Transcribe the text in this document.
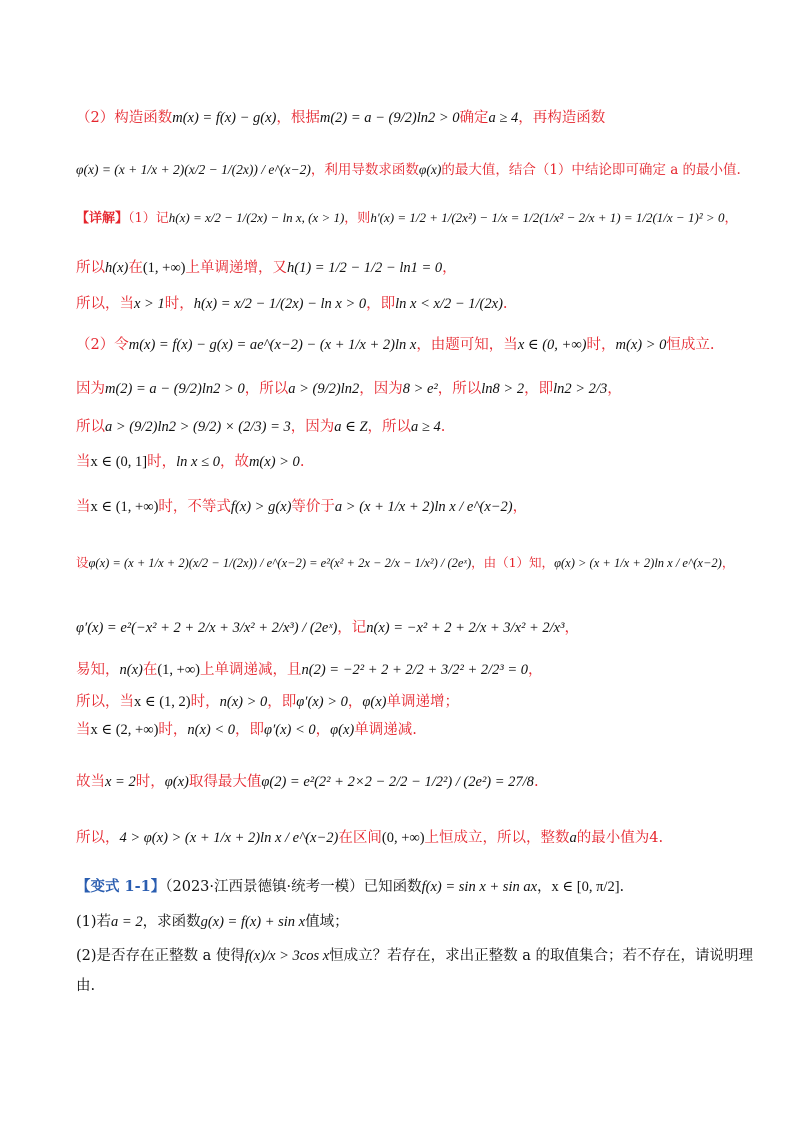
（2）构造函数m(x) = f(x) − g(x)，根据m(2) = a − (9/2)ln2 > 0确定a ≥ 4，再构造函数
φ(x) = (x + 1/x + 2)(x/2 − 1/(2x)) / e^(x−2)，利用导数求函数φ(x)的最大值，结合（1）中结论即可确定 a 的最小值.
【详解】（1）记h(x) = x/2 − 1/(2x) − ln x, (x > 1)，则h′(x) = 1/2 + 1/(2x²) − 1/x = 1/2(1/x² − 2/x + 1) = 1/2(1/x − 1)² > 0，
所以h(x)在(1, +∞)上单调递增，又h(1) = 1/2 − 1/2 − ln1 = 0，
所以，当x > 1时，h(x) = x/2 − 1/(2x) − ln x > 0，即ln x < x/2 − 1/(2x).
（2）令m(x) = f(x) − g(x) = ae^(x−2) − (x + 1/x + 2)ln x，由题可知，当x ∈ (0, +∞)时，m(x) > 0恒成立.
因为m(2) = a − (9/2)ln2 > 0，所以a > (9/2)ln2，因为8 > e²，所以ln8 > 2，即ln2 > 2/3，
所以a > (9/2)ln2 > (9/2) × (2/3) = 3，因为a ∈ Z，所以a ≥ 4.
当x ∈ (0, 1]时，ln x ≤ 0，故m(x) > 0.
当x ∈ (1, +∞)时，不等式f(x) > g(x)等价于a > (x + 1/x + 2)ln x / e^(x−2)，
设φ(x) = (x + 1/x + 2)(x/2 − 1/(2x)) / e^(x−2) = e²(x² + 2x − 2/x − 1/x²) / (2eˣ)，由（1）知，φ(x) > (x + 1/x + 2)ln x / e^(x−2)，
φ′(x) = e²(−x² + 2 + 2/x + 3/x² + 2/x³) / (2eˣ)，记n(x) = −x² + 2 + 2/x + 3/x² + 2/x³，
易知，n(x)在(1, +∞)上单调递减，且n(2) = −2² + 2 + 2/2 + 3/2² + 2/2³ = 0，
所以，当x ∈ (1, 2)时，n(x) > 0，即φ′(x) > 0，φ(x)单调递增；
当x ∈ (2, +∞)时，n(x) < 0，即φ′(x) < 0，φ(x)单调递减.
故当x = 2时，φ(x)取得最大值φ(2) = e²(2² + 2×2 − 2/2 − 1/2²) / (2e²) = 27/8.
所以，4 > φ(x) > (x + 1/x + 2)ln x / e^(x−2)在区间(0, +∞)上恒成立，所以，整数a的最小值为4.
【变式 1-1】（2023·江西景德镇·统考一模）已知函数f(x) = sin x + sin ax，x ∈ [0, π/2].
(1)若a = 2，求函数g(x) = f(x) + sin x值域；
(2)是否存在正整数 a 使得f(x)/x > 3cos x恒成立？若存在，求出正整数 a 的取值集合；若不存在，请说明理
由.
